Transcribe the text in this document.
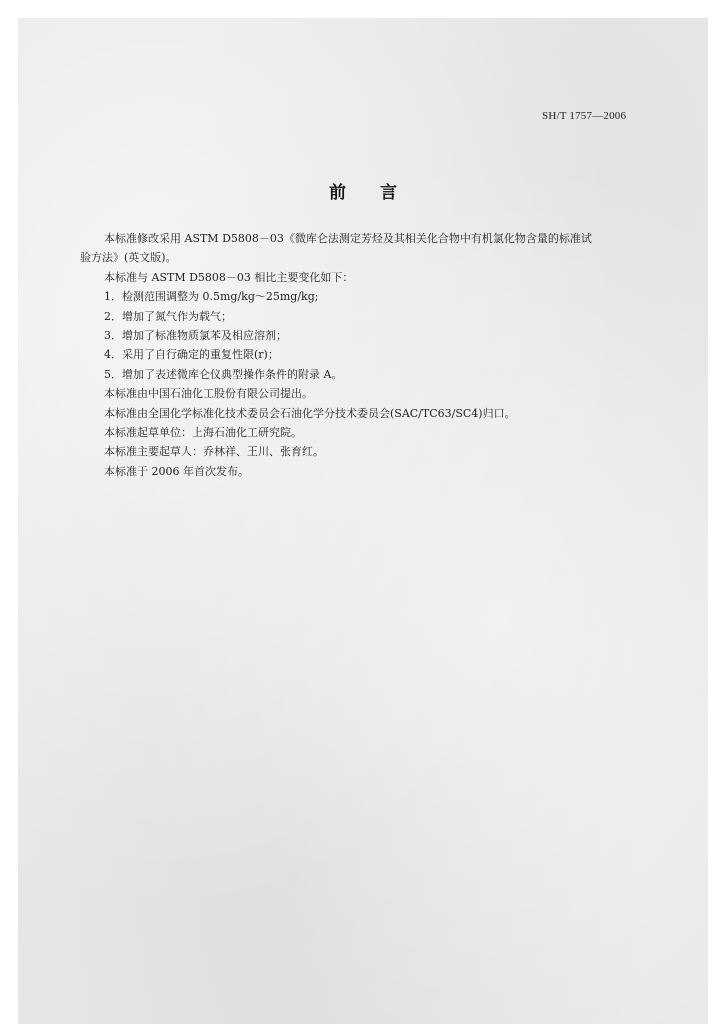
SH/T 1757—2006
前言

本标准修改采用 ASTM D5808－03《微库仑法测定芳烃及其相关化合物中有机氯化物含量的标准试
验方法》(英文版)。

本标准与 ASTM D5808－03 相比主要变化如下：

1．检测范围调整为 0.5mg/kg～25mg/kg;

2．增加了氮气作为载气；

3．增加了标准物质氯苯及相应溶剂；

4．采用了自行确定的重复性限(r)；

5．增加了表述微库仑仪典型操作条件的附录 A。

本标准由中国石油化工股份有限公司提出。

本标准由全国化学标准化技术委员会石油化学分技术委员会(SAC/TC63/SC4)归口。

本标准起草单位：上海石油化工研究院。

本标准主要起草人：乔林祥、王川、张育红。

本标准于 2006 年首次发布。
